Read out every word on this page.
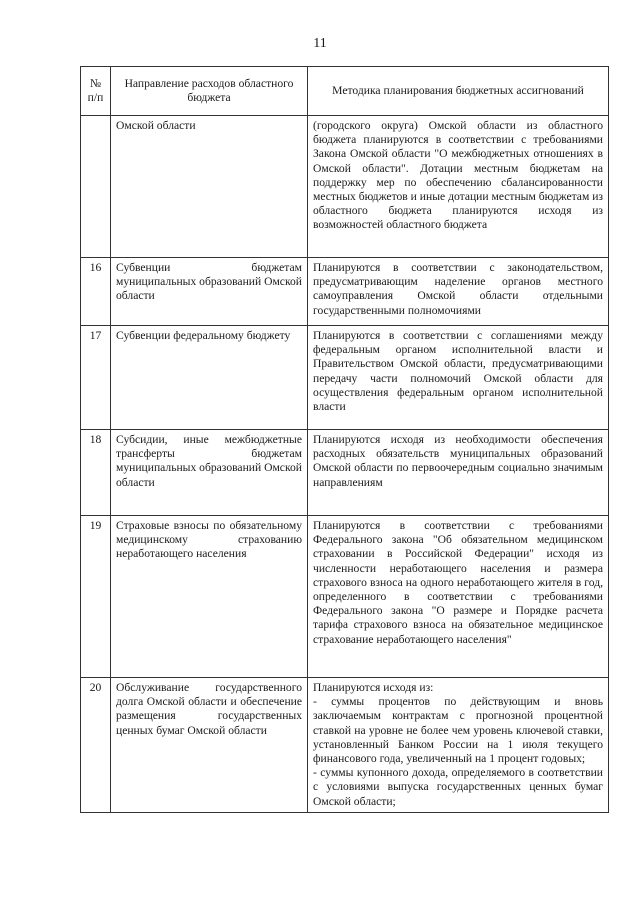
11
№ п/п	Направление расходов областного бюджета	Методика планирования бюджетных ассигнований
	Омской области	(городского округа) Омской области из областного бюджета планируются в соответствии с требованиями Закона Омской области "О межбюджетных отношениях в Омской области". Дотации местным бюджетам на поддержку мер по обеспечению сбалансированности местных бюджетов и иные дотации местным бюджетам из областного бюджета планируются исходя из возможностей областного бюджета

16	Субвенции бюджетам муниципальных образований Омской области	Планируются в соответствии с законодательством, предусматривающим наделение органов местного самоуправления Омской области отдельными государственными полномочиями

17	Субвенции федеральному бюджету	Планируются в соответствии с соглашениями между федеральным органом исполнительной власти и Правительством Омской области, предусматривающими передачу части полномочий Омской области для осуществления федеральным органом исполнительной власти

18	Субсидии, иные межбюджетные трансферты бюджетам муниципальных образований Омской области	Планируются исходя из необходимости обеспечения расходных обязательств муниципальных образований Омской области по первоочередным социально значимым направлениям

19	Страховые взносы по обязательному медицинскому страхованию неработающего населения	Планируются в соответствии с требованиями Федерального закона "Об обязательном медицинском страховании в Российской Федерации" исходя из численности неработающего населения и размера страхового взноса на одного неработающего жителя в год, определенного в соответствии с требованиями Федерального закона "О размере и Порядке расчета тарифа страхового взноса на обязательное медицинское страхование неработающего населения"

20	Обслуживание государственного долга Омской области и обеспечение размещения государственных ценных бумаг Омской области	Планируются исходя из:
- суммы процентов по действующим и вновь заключаемым контрактам с прогнозной процентной ставкой на уровне не более чем уровень ключевой ставки, установленный Банком России на 1 июля текущего финансового года, увеличенный на 1 процент годовых;
- суммы купонного дохода, определяемого в соответствии с условиями выпуска государственных ценных бумаг Омской области;
